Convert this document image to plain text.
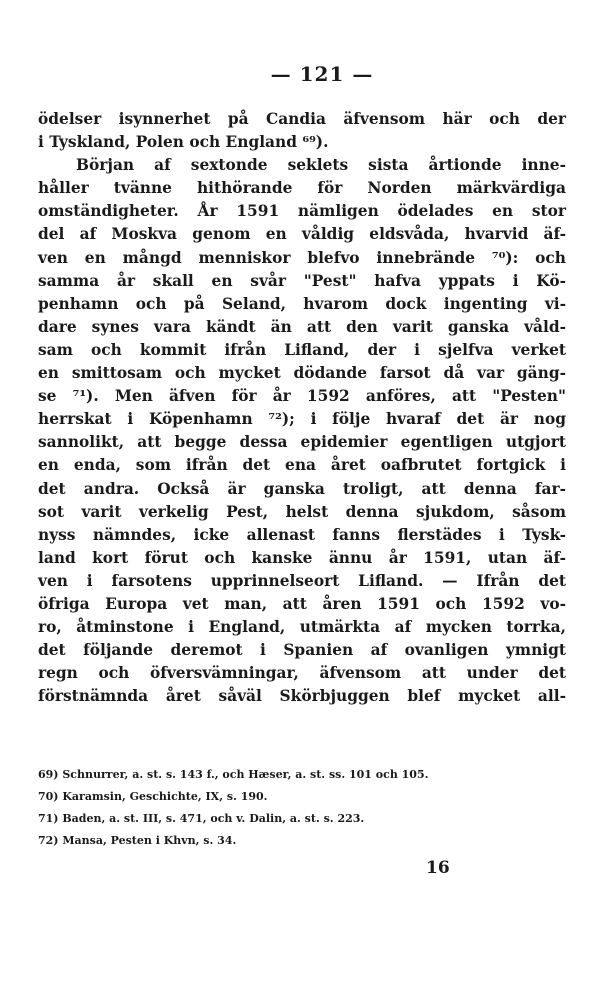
— 121 —
ödelser isynnerhet på Candia äfvensom här och der
i Tyskland, Polen och England ⁶⁹).
Början af sextonde seklets sista årtionde inne-
håller tvänne hithörande för Norden märkvärdiga
omständigheter. År 1591 nämligen ödelades en stor
del af Moskva genom en våldig eldsvåda, hvarvid äf-
ven en mångd menniskor blefvo innebrände ⁷⁰): och
samma år skall en svår "Pest" hafva yppats i Kö-
penhamn och på Seland, hvarom dock ingenting vi-
dare synes vara kändt än att den varit ganska våld-
sam och kommit ifrån Lifland, der i sjelfva verket
en smittosam och mycket dödande farsot då var gäng-
se ⁷¹). Men äfven för år 1592 anföres, att "Pesten"
herrskat i Köpenhamn ⁷²); i följe hvaraf det är nog
sannolikt, att begge dessa epidemier egentligen utgjort
en enda, som ifrån det ena året oafbrutet fortgick i
det andra. Också är ganska troligt, att denna far-
sot varit verkelig Pest, helst denna sjukdom, såsom
nyss nämndes, icke allenast fanns flerstädes i Tysk-
land kort förut och kanske ännu år 1591, utan äf-
ven i farsotens upprinnelseort Lifland. — Ifrån det
öfriga Europa vet man, att åren 1591 och 1592 vo-
ro, åtminstone i England, utmärkta af mycken torrka,
det följande deremot i Spanien af ovanligen ymnigt
regn och öfversvämningar, äfvensom att under det
förstnämnda året såväl Skörbjuggen blef mycket all-
69) Schnurrer, a. st. s. 143 f., och Hæser, a. st. ss. 101 och 105.
70) Karamsin, Geschichte, IX, s. 190.
71) Baden, a. st. III, s. 471, och v. Dalin, a. st. s. 223.
72) Mansa, Pesten i Khvn, s. 34.
16
